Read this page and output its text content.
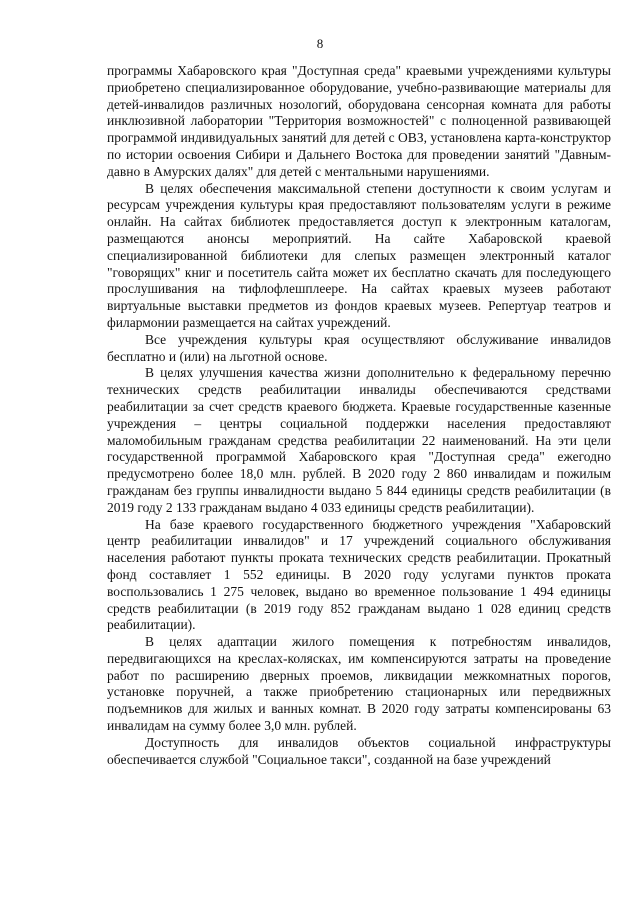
8

программы Хабаровского края "Доступная среда" краевыми учреждениями культуры приобретено специализированное оборудование, учебно-развивающие материалы для детей-инвалидов различных нозологий, оборудована сенсорная комната для работы инклюзивной лаборатории "Территория возможностей" с полноценной развивающей программой индивидуальных занятий для детей с ОВЗ, установлена карта-конструктор по истории освоения Сибири и Дальнего Востока для проведении занятий "Давным-давно в Амурских далях" для детей с ментальными нарушениями.

В целях обеспечения максимальной степени доступности к своим услугам и ресурсам учреждения культуры края предоставляют пользователям услуги в режиме онлайн. На сайтах библиотек предоставляется доступ к электронным каталогам, размещаются анонсы мероприятий. На сайте Хабаровской краевой специализированной библиотеки для слепых размещен электронный каталог "говорящих" книг и посетитель сайта может их бесплатно скачать для последующего прослушивания на тифлофлешплеере. На сайтах краевых музеев работают виртуальные выставки предметов из фондов краевых музеев. Репертуар театров и филармонии размещается на сайтах учреждений.

Все учреждения культуры края осуществляют обслуживание инвалидов бесплатно и (или) на льготной основе.

В целях улучшения качества жизни дополнительно к федеральному перечню технических средств реабилитации инвалиды обеспечиваются средствами реабилитации за счет средств краевого бюджета. Краевые государственные казенные учреждения – центры социальной поддержки населения предоставляют маломобильным гражданам средства реабилитации 22 наименований. На эти цели государственной программой Хабаровского края "Доступная среда" ежегодно предусмотрено более 18,0 млн. рублей. В 2020 году 2 860 инвалидам и пожилым гражданам без группы инвалидности выдано 5 844 единицы средств реабилитации (в 2019 году 2 133 гражданам выдано 4 033 единицы средств реабилитации).

На базе краевого государственного бюджетного учреждения "Хабаровский центр реабилитации инвалидов" и 17 учреждений социального обслуживания населения работают пункты проката технических средств реабилитации. Прокатный фонд составляет 1 552 единицы. В 2020 году услугами пунктов проката воспользовались 1 275 человек, выдано во временное пользование 1 494 единицы средств реабилитации (в 2019 году 852 гражданам выдано 1 028 единиц средств реабилитации).

В целях адаптации жилого помещения к потребностям инвалидов, передвигающихся на креслах-колясках, им компенсируются затраты на проведение работ по расширению дверных проемов, ликвидации межкомнатных порогов, установке поручней, а также приобретению стационарных или передвижных подъемников для жилых и ванных комнат. В 2020 году затраты компенсированы 63 инвалидам на сумму более 3,0 млн. рублей.

Доступность для инвалидов объектов социальной инфраструктуры обеспечивается службой "Социальное такси", созданной на базе учреждений
